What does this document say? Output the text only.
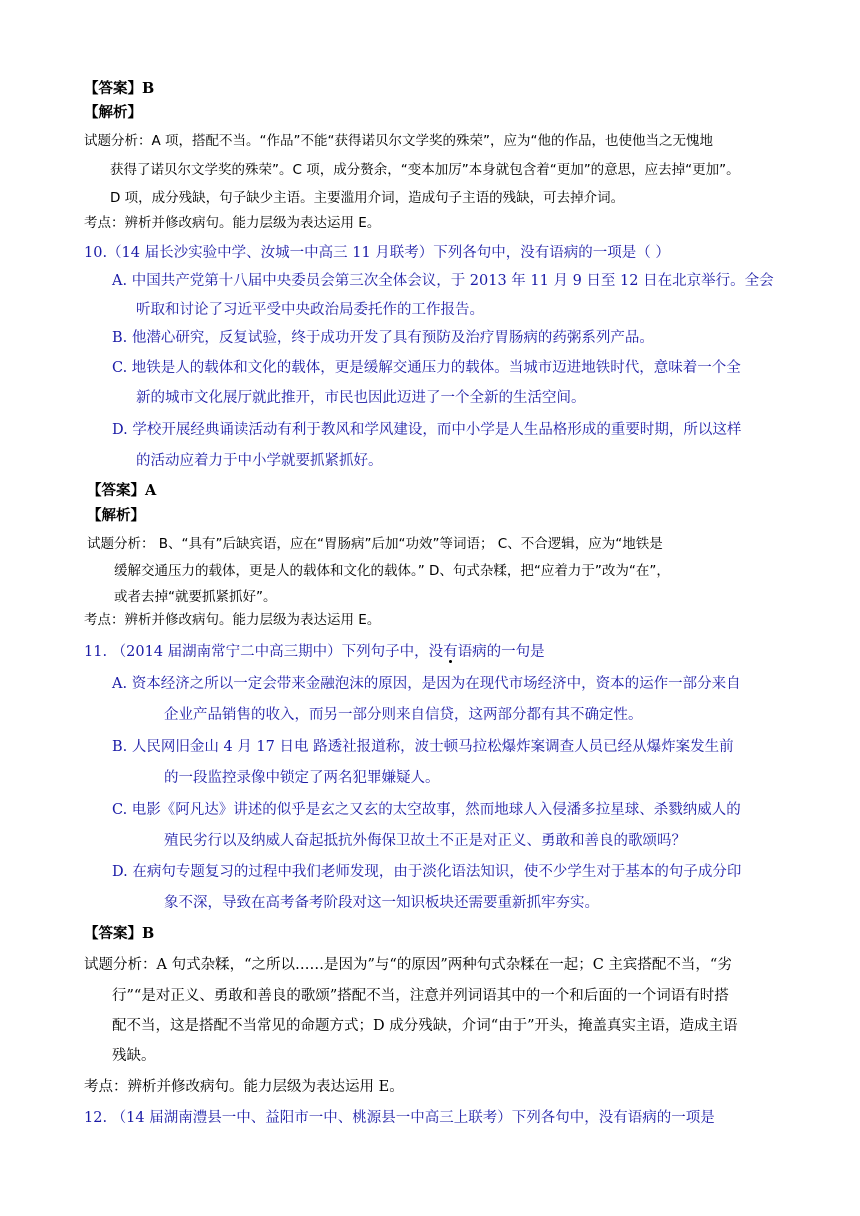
【答案】B
【解析】
试题分析：A 项，搭配不当。“作品”不能“获得诺贝尔文学奖的殊荣”，应为“他的作品，也使他当之无愧地
获得了诺贝尔文学奖的殊荣”。C 项，成分赘余，“变本加厉”本身就包含着“更加”的意思，应去掉“更加”。
D 项，成分残缺，句子缺少主语。主要滥用介词，造成句子主语的残缺，可去掉介词。
考点：辨析并修改病句。能力层级为表达运用 E。
10.（14 届长沙实验中学、汝城一中高三 11 月联考）下列各句中，没有语病的一项是（ ）
A. 中国共产党第十八届中央委员会第三次全体会议，于 2013 年 11 月 9 日至 12 日在北京举行。全会
听取和讨论了习近平受中央政治局委托作的工作报告。
B. 他潜心研究，反复试验，终于成功开发了具有预防及治疗胃肠病的药粥系列产品。
C. 地铁是人的载体和文化的载体，更是缓解交通压力的载体。当城市迈进地铁时代，意味着一个全
新的城市文化展厅就此推开，市民也因此迈进了一个全新的生活空间。
D. 学校开展经典诵读活动有利于教风和学风建设，而中小学是人生品格形成的重要时期，所以这样
的活动应着力于中小学就要抓紧抓好。
【答案】A
【解析】
试题分析： B、“具有”后缺宾语，应在“胃肠病”后加“功效”等词语； C、不合逻辑，应为“地铁是
缓解交通压力的载体，更是人的载体和文化的载体。” D、句式杂糅，把“应着力于”改为“在”，
或者去掉“就要抓紧抓好”。
考点：辨析并修改病句。能力层级为表达运用 E。
11. （2014 届湖南常宁二中高三期中）下列句子中，没有语病的一句是
A. 资本经济之所以一定会带来金融泡沫的原因，是因为在现代市场经济中，资本的运作一部分来自
企业产品销售的收入，而另一部分则来自信贷，这两部分都有其不确定性。
B. 人民网旧金山 4 月 17 日电 路透社报道称，波士顿马拉松爆炸案调查人员已经从爆炸案发生前
的一段监控录像中锁定了两名犯罪嫌疑人。
C. 电影《阿凡达》讲述的似乎是玄之又玄的太空故事，然而地球人入侵潘多拉星球、杀戮纳威人的
殖民劣行以及纳威人奋起抵抗外侮保卫故土不正是对正义、勇敢和善良的歌颂吗？
D. 在病句专题复习的过程中我们老师发现，由于淡化语法知识，使不少学生对于基本的句子成分印
象不深，导致在高考备考阶段对这一知识板块还需要重新抓牢夯实。
【答案】B
试题分析：A 句式杂糅，“之所以……是因为”与“的原因”两种句式杂糅在一起；C 主宾搭配不当，“劣
行”“是对正义、勇敢和善良的歌颂”搭配不当，注意并列词语其中的一个和后面的一个词语有时搭
配不当，这是搭配不当常见的命题方式；D 成分残缺，介词“由于”开头，掩盖真实主语，造成主语
残缺。
考点：辨析并修改病句。能力层级为表达运用 E。
12. （14 届湖南澧县一中、益阳市一中、桃源县一中高三上联考）下列各句中，没有语病的一项是
